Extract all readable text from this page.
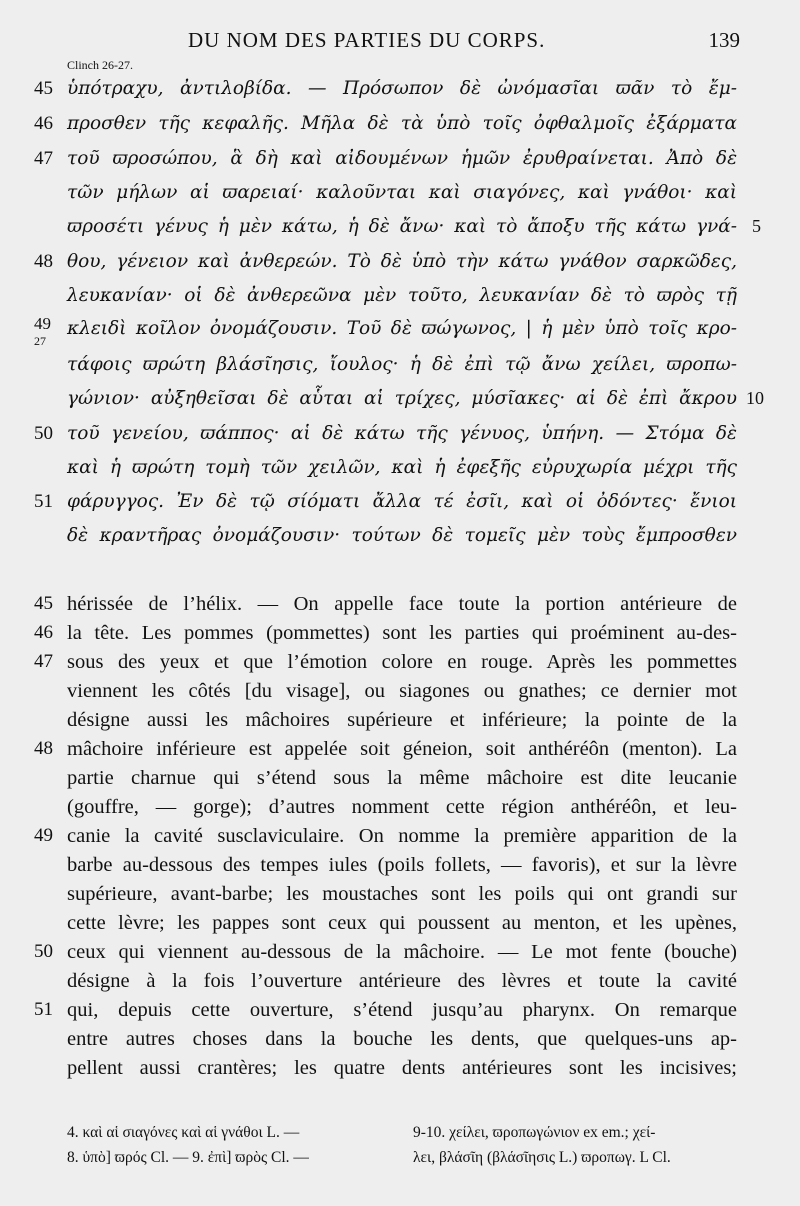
DU NOM DES PARTIES DU CORPS.	139
Clinch 26-27.
45 ὑπότραχυ, ἀντιλοβίδα. — Πρόσωπον δὲ ὠνόμασῖαι ϖᾶν τὸ ἔμ-
46 προσθεν τῆς κεφαλῆς. Μῆλα δὲ τὰ ὑπὸ τοῖς ὀφθαλμοῖς ἐξάρματα
47 τοῦ ϖροσώπου, ἃ δὴ καὶ αἰδουμένων ἡμῶν ἐρυθραίνεται. Ἀπὸ δὲ
τῶν μήλων αἱ ϖαρειαί· καλοῦνται καὶ σιαγόνες, καὶ γνάθοι· καὶ
ϖροσέτι γένυς ἡ μὲν κάτω, ἡ δὲ ἄνω· καὶ τὸ ἄποξυ τῆς κάτω γνά- 5
48 θου, γένειον καὶ ἀνθερεών. Τὸ δὲ ὑπὸ τὴν κάτω γνάθον σαρκῶδες,
λευκανίαν· οἱ δὲ ἀνθερεῶνα μὲν τοῦτο, λευκανίαν δὲ τὸ ϖρὸς τῇ
49
27
κλειδὶ κοῖλον ὀνομάζουσιν. Τοῦ δὲ ϖώγωνος, | ἡ μὲν ὑπὸ τοῖς κρο-
τάφοις ϖρώτη βλάσῖησις, ἴουλος· ἡ δὲ ἐπὶ τῷ ἄνω χείλει, ϖροπω-
γώνιον· αὐξηθεῖσαι δὲ αὗται αἱ τρίχες, μύσῖακες· αἱ δὲ ἐπὶ ἄκρου 10
50 τοῦ γενείου, ϖάππος· αἱ δὲ κάτω τῆς γένυος, ὑπήνη. — Στόμα δὲ
καὶ ἡ ϖρώτη τομὴ τῶν χειλῶν, καὶ ἡ ἐφεξῆς εὐρυχωρία μέχρι τῆς
51 φάρυγγος. Ἐν δὲ τῷ σίόματι ἄλλα τέ ἐσῖι, καὶ οἱ ὀδόντες· ἔνιοι
δὲ κραντῆρας ὀνομάζουσιν· τούτων δὲ τομεῖς μὲν τοὺς ἔμπροσθεν
45 hérissée de l’hélix. — On appelle face toute la portion antérieure de
46 la tête. Les pommes (pommettes) sont les parties qui proéminent au-des-
47 sous des yeux et que l’émotion colore en rouge. Après les pommettes
viennent les côtés [du visage], ou siagones ou gnathes; ce dernier mot
désigne aussi les mâchoires supérieure et inférieure; la pointe de la
48 mâchoire inférieure est appelée soit géneion, soit anthéréôn (menton). La
partie charnue qui s’étend sous la même mâchoire est dite leucanie
(gouffre, — gorge); d’autres nomment cette région anthéréôn, et leu-
49 canie la cavité susclaviculaire. On nomme la première apparition de la
barbe au-dessous des tempes iules (poils follets, — favoris), et sur la lèvre
supérieure, avant-barbe; les moustaches sont les poils qui ont grandi sur
cette lèvre; les pappes sont ceux qui poussent au menton, et les upènes,
50 ceux qui viennent au-dessous de la mâchoire. — Le mot fente (bouche)
désigne à la fois l’ouverture antérieure des lèvres et toute la cavité
51 qui, depuis cette ouverture, s’étend jusqu’au pharynx. On remarque
entre autres choses dans la bouche les dents, que quelques-uns ap-
pellent aussi crantères; les quatre dents antérieures sont les incisives;
4. καὶ αἱ σιαγόνες καὶ αἱ γνάθοι L. —
8. ὑπὸ] ϖρός Cl. — 9. ἐπὶ] ϖρὸς Cl. —
9-10. χείλει, ϖροπωγώνιον ex em.; χεί-
λει, βλάσῖη (βλάσῖησις L.) ϖροπωγ. L Cl.
